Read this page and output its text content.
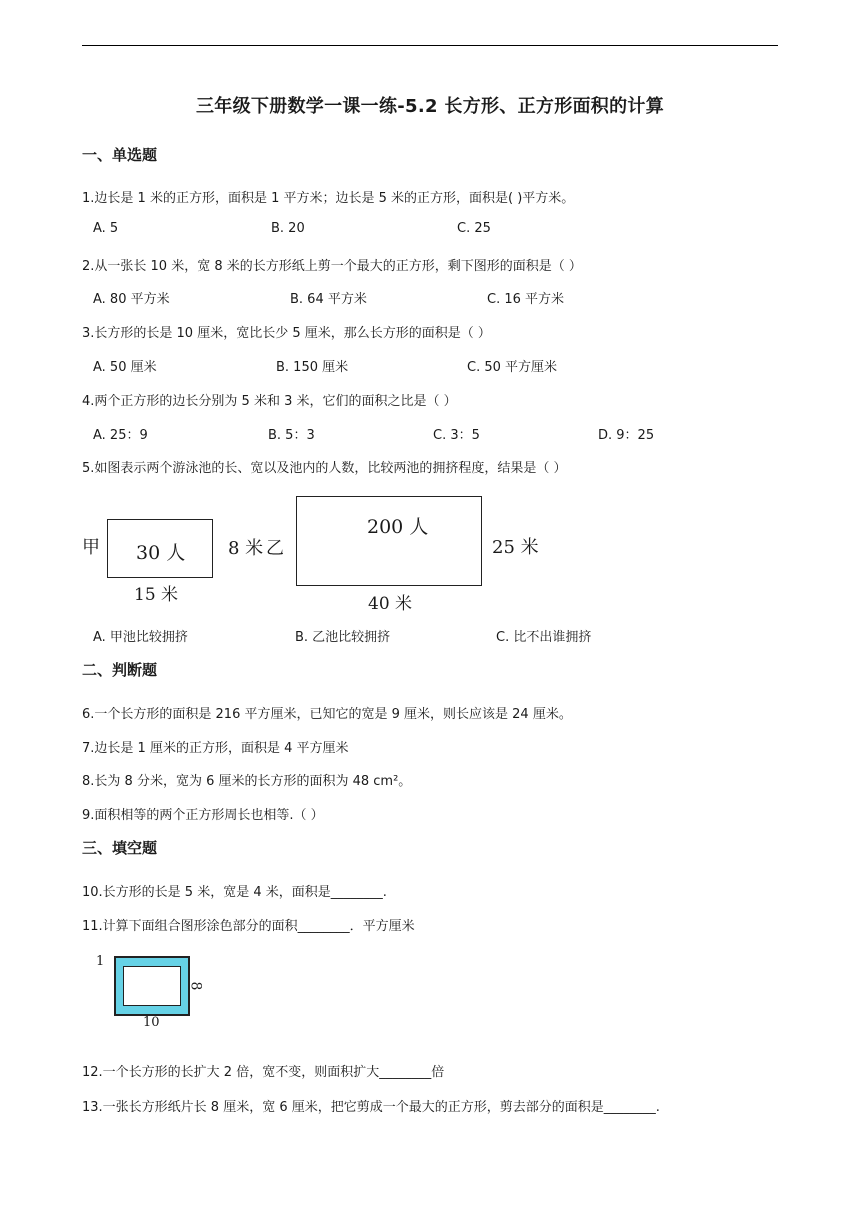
三年级下册数学一课一练-5.2 长方形、正方形面积的计算
一、单选题
1.边长是 1 米的正方形，面积是 1 平方米；边长是 5 米的正方形，面积是( )平方米。
A. 5	B. 20	C. 25
2.从一张长 10 米，宽 8 米的长方形纸上剪一个最大的正方形，剩下图形的面积是（ ）
A. 80 平方米	B. 64 平方米	C. 16 平方米
3.长方形的长是 10 厘米，宽比长少 5 厘米，那么长方形的面积是（ ）
A. 50 厘米	B. 150 厘米	C. 50 平方厘米
4.两个正方形的边长分别为 5 米和 3 米，它们的面积之比是（ ）
A. 25：9	B. 5：3	C. 3：5	D. 9：25
5.如图表示两个游泳池的长、宽以及池内的人数，比较两池的拥挤程度，结果是（ ）
甲 30 人 8 米
15 米
乙
200 人
25 米
40 米
A. 甲池比较拥挤	B. 乙池比较拥挤	C. 比不出谁拥挤
二、判断题
6.一个长方形的面积是 216 平方厘米，已知它的宽是 9 厘米，则长应该是 24 厘米。
7.边长是 1 厘米的正方形，面积是 4 平方厘米
8.长为 8 分米，宽为 6 厘米的长方形的面积为 48 cm²。
9.面积相等的两个正方形周长也相等.（ ）
三、填空题
10.长方形的长是 5 米，宽是 4 米，面积是________.
11.计算下面组合图形涂色部分的面积________．平方厘米
1
8
10
12.一个长方形的长扩大 2 倍，宽不变，则面积扩大________倍
13.一张长方形纸片长 8 厘米，宽 6 厘米，把它剪成一个最大的正方形，剪去部分的面积是________.
